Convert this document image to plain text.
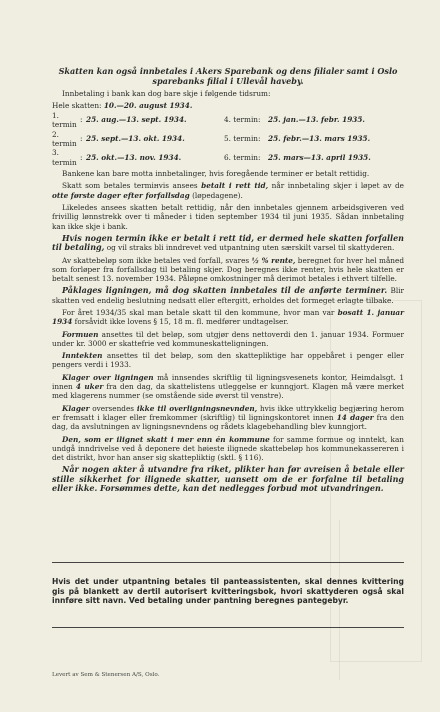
Skatten kan også innbetales i Akers Sparebank og dens filialer samt i Oslo sparebanks filial i Ullevål haveby.

Innbetaling i bank kan dog bare skje i følgende tidsrum:

Hele skatten: 10.—20. august 1934.					
1. termin	:	25. aug.—13. sept. 1934.	4. termin:	25. jan.—13. febr. 1935.	
2. termin	:	25. sept.—13. okt. 1934.	5. termin:	25. febr.—13. mars 1935.	
3. termin	:	25. okt.—13. nov. 1934.	6. termin:	25. mars—13. april 1935.	

Bankene kan bare motta innbetalinger, hvis foregående terminer er betalt rettidig.

Skatt som betales termінvis ansees betalt i rett tid, når innbetaling skjer i løpet av de otte første dager efter forfallsdag (løpedagene).

Likeledes ansees skatten betalt rettidig, når den innbetales gjennem arbeidsgiveren ved frivillig lønnstrekk over ti måneder i tiden september 1934 til juni 1935. Sådan innbetaling kan ikke skje i bank.

Hvis nogen termin ikke er betalt i rett tid, er dermed hele skatten forfallen til betaling, og vil straks bli inndrevet ved utpantning uten særskilt varsel til skattyderen.

Av skattebeløp som ikke betales ved forfall, svares ½ % rente, beregnet for hver hel måned som forløper fra forfallsdag til betaling skjer. Dog beregnes ikke renter, hvis hele skatten er betalt senest 13. november 1934. Påløpne omkostninger må derimot betales i ethvert tilfelle.

Påklages ligningen, må dog skatten innbetales til de anførte terminer. Blir skatten ved endelig beslutning nedsatt eller eftergitt, erholdes det formeget erlagte tilbake.

For året 1934/35 skal man betale skatt til den kommune, hvor man var bosatt 1. januar 1934 forsåvidt ikke lovens § 15, 18 m. fl. medfører undtagelser.

Formuen ansettes til det beløp, som utgjør dens nettoverdi den 1. januar 1934. Formuer under kr. 3000 er skattefrie ved kommuneskatteligningen.

Inntekten ansettes til det beløp, som den skattepliktige har oppebåret i penger eller pengers verdi i 1933.

Klager over ligningen må innsendes skriftlig til ligningsvesenets kontor, Heimdalsgt. 1 innen 4 uker fra den dag, da skattelistens utleggelse er kunngjort. Klagen må være merket med klagerens nummer (se omstående side øverst til venstre).

Klager oversendes ikke til overligningsnevnden, hvis ikke uttrykkelig begjæring herom er fremsatt i klager eller fremkommer (skriftlig) til ligningskontoret innen 14 dager fra den dag, da avslutningen av ligningsnevndens og rådets klagebehandling blev kunngjort.

Den, som er ilignet skatt i mer enn én kommune for samme formue og inntekt, kan undgå inndrivelse ved å deponere det høieste ilignede skattebeløp hos kommunekassereren i det distrikt, hvor han anser sig skattepliktig (sktl. § 116).

Når nogen akter å utvandre fra riket, plikter han før avreisen å betale eller stille sikkerhet for ilignede skatter, uansett om de er forfalne til betaling eller ikke. Forsømmes dette, kan det nedlegges forbud mot utvandringen.

Hvis det under utpantning betales til panteassistenten, skal dennes kvittering gis på blankett av dertil autorisert kvitteringsbok, hvori skattyderen også skal innføre sitt navn. Ved betaling under pantning beregnes pantegebyr.
Levert av Sem & Stenersen A/S, Oslo.
